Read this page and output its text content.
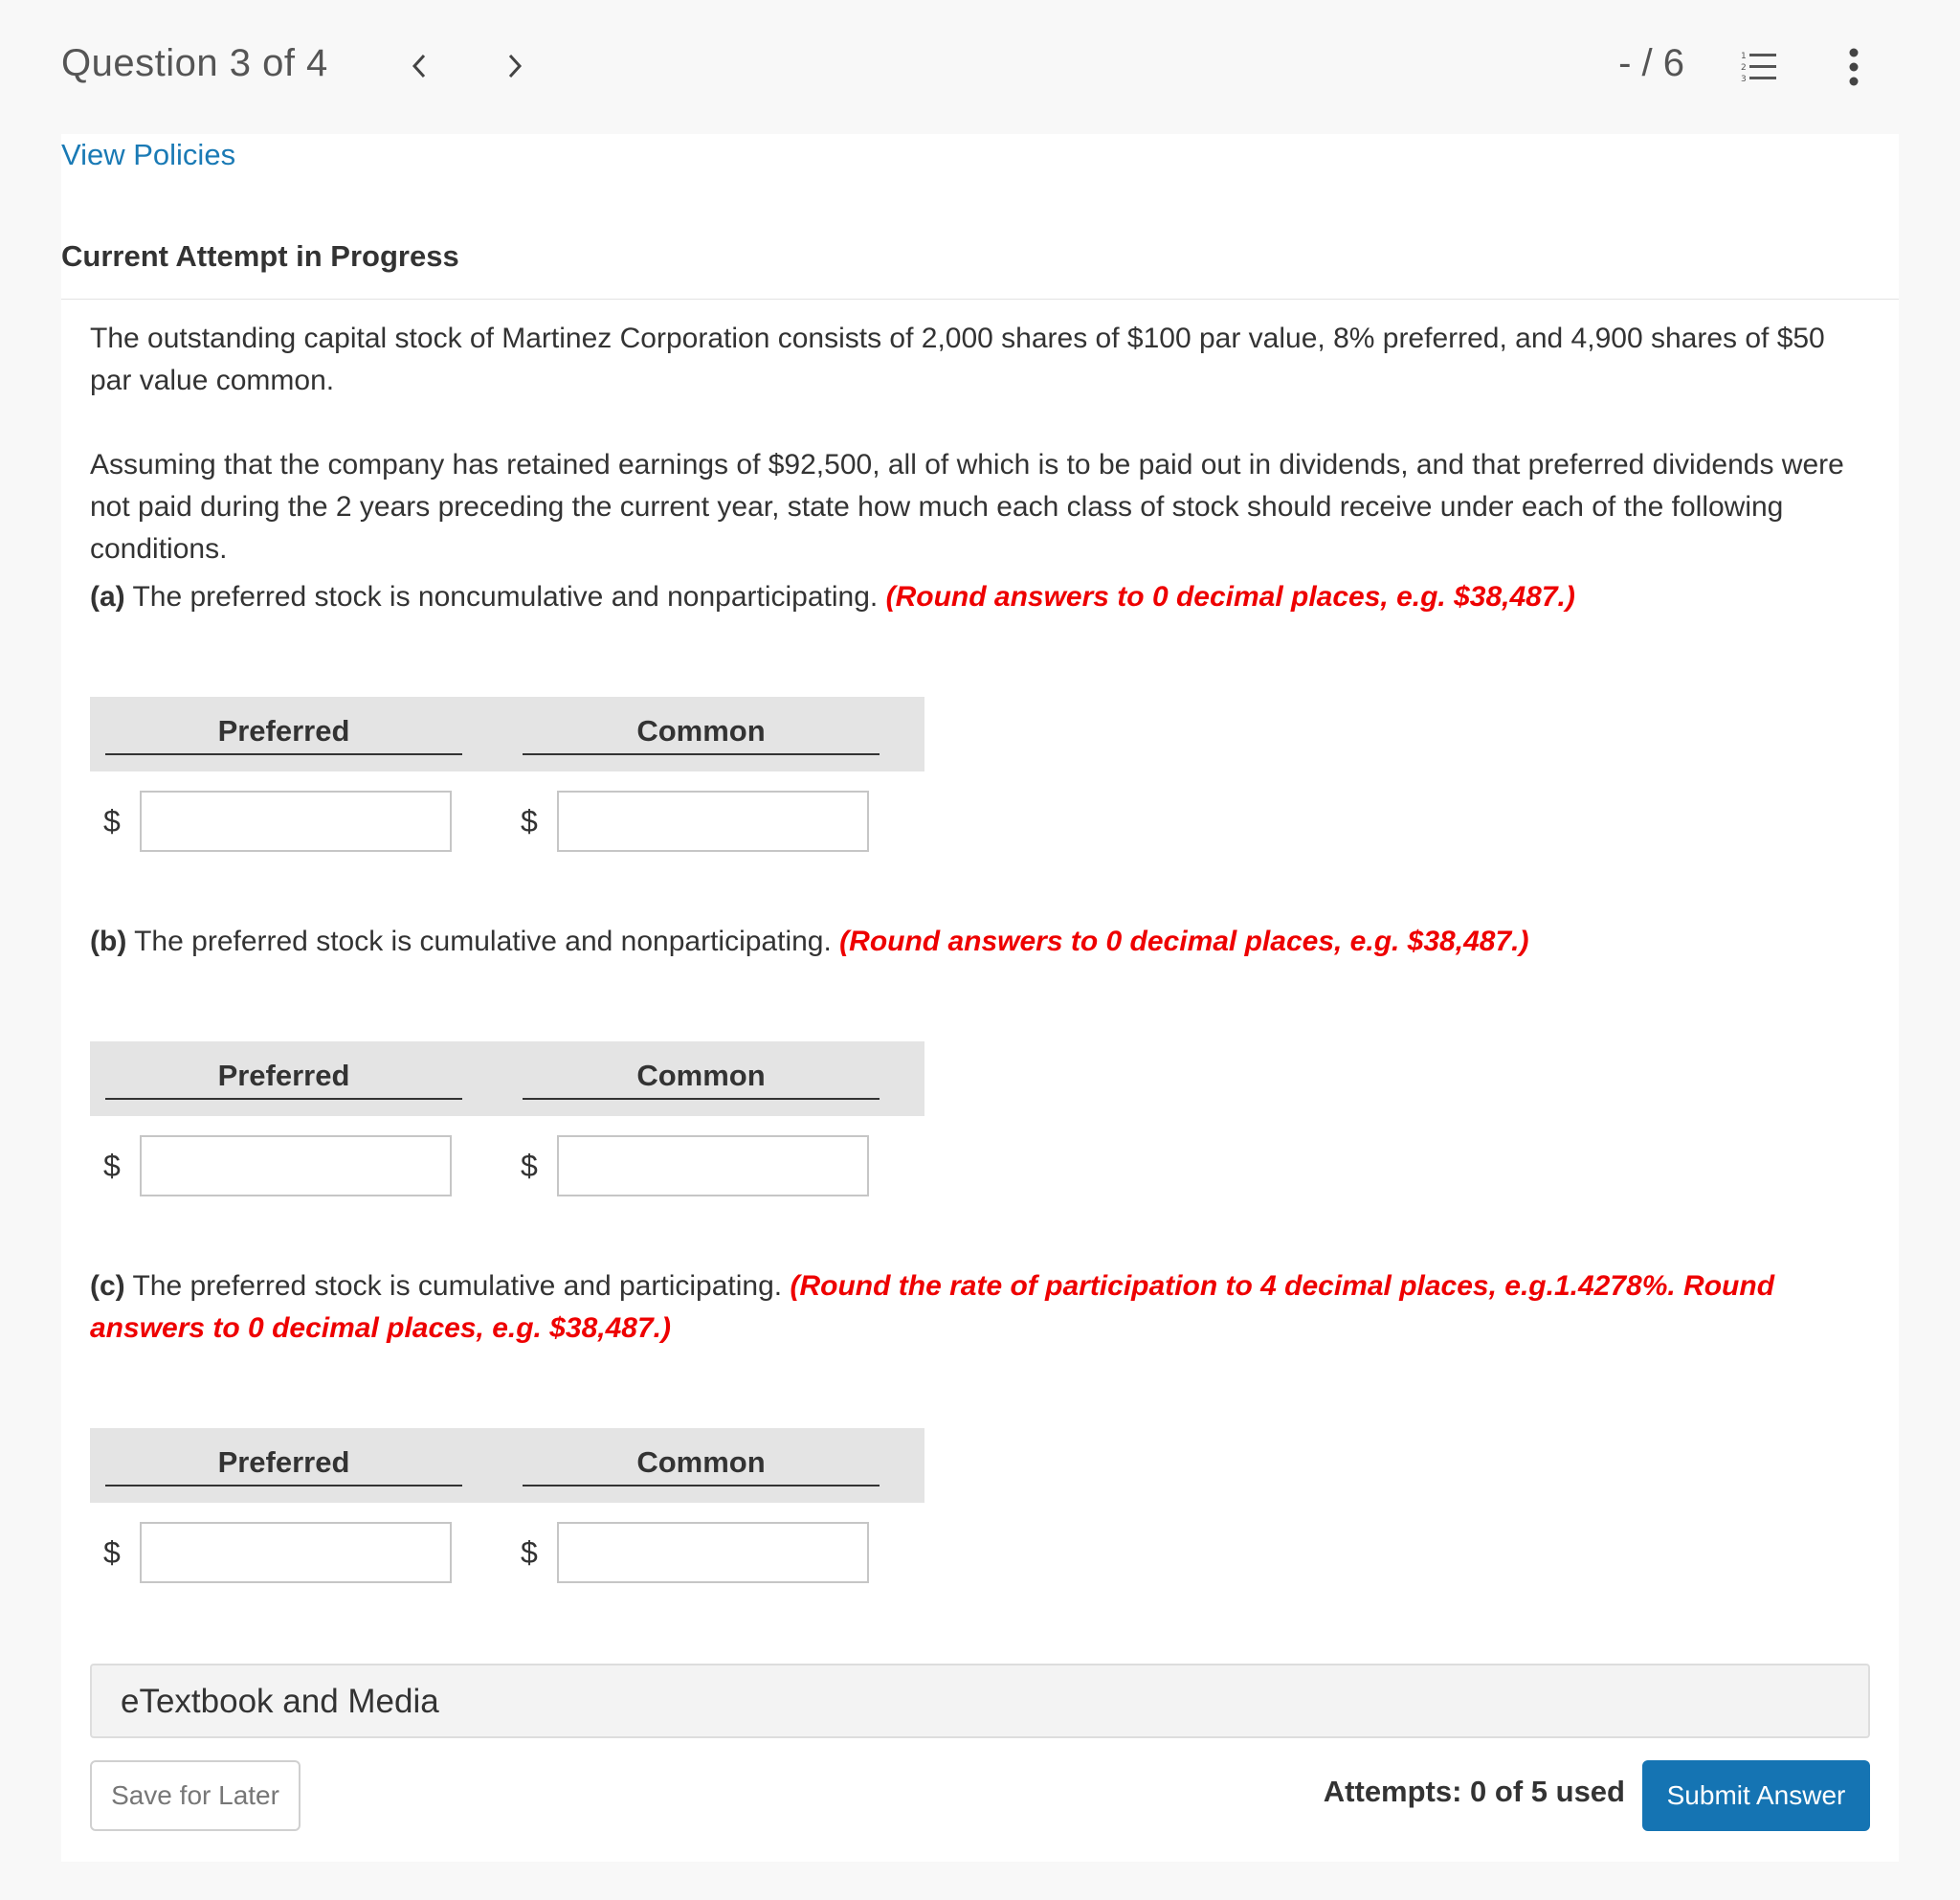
Question 3 of 4	- / 6	1
2
3
View Policies
Current Attempt in Progress
The outstanding capital stock of Martinez Corporation consists of 2,000 shares of $100 par value, 8% preferred, and 4,900 shares of $50 par value common.
Assuming that the company has retained earnings of $92,500, all of which is to be paid out in dividends, and that preferred dividends were not paid during the 2 years preceding the current year, state how much each class of stock should receive under each of the following conditions.
(a) The preferred stock is noncumulative and nonparticipating. (Round answers to 0 decimal places, e.g. $38,487.)
Preferred	Common
$	$
(b) The preferred stock is cumulative and nonparticipating. (Round answers to 0 decimal places, e.g. $38,487.)
Preferred	Common
$	$
(c) The preferred stock is cumulative and participating. (Round the rate of participation to 4 decimal places, e.g.1.4278%. Round answers to 0 decimal places, e.g. $38,487.)
Preferred	Common
$	$
eTextbook and Media
Save for Later	Attempts: 0 of 5 used	Submit Answer
